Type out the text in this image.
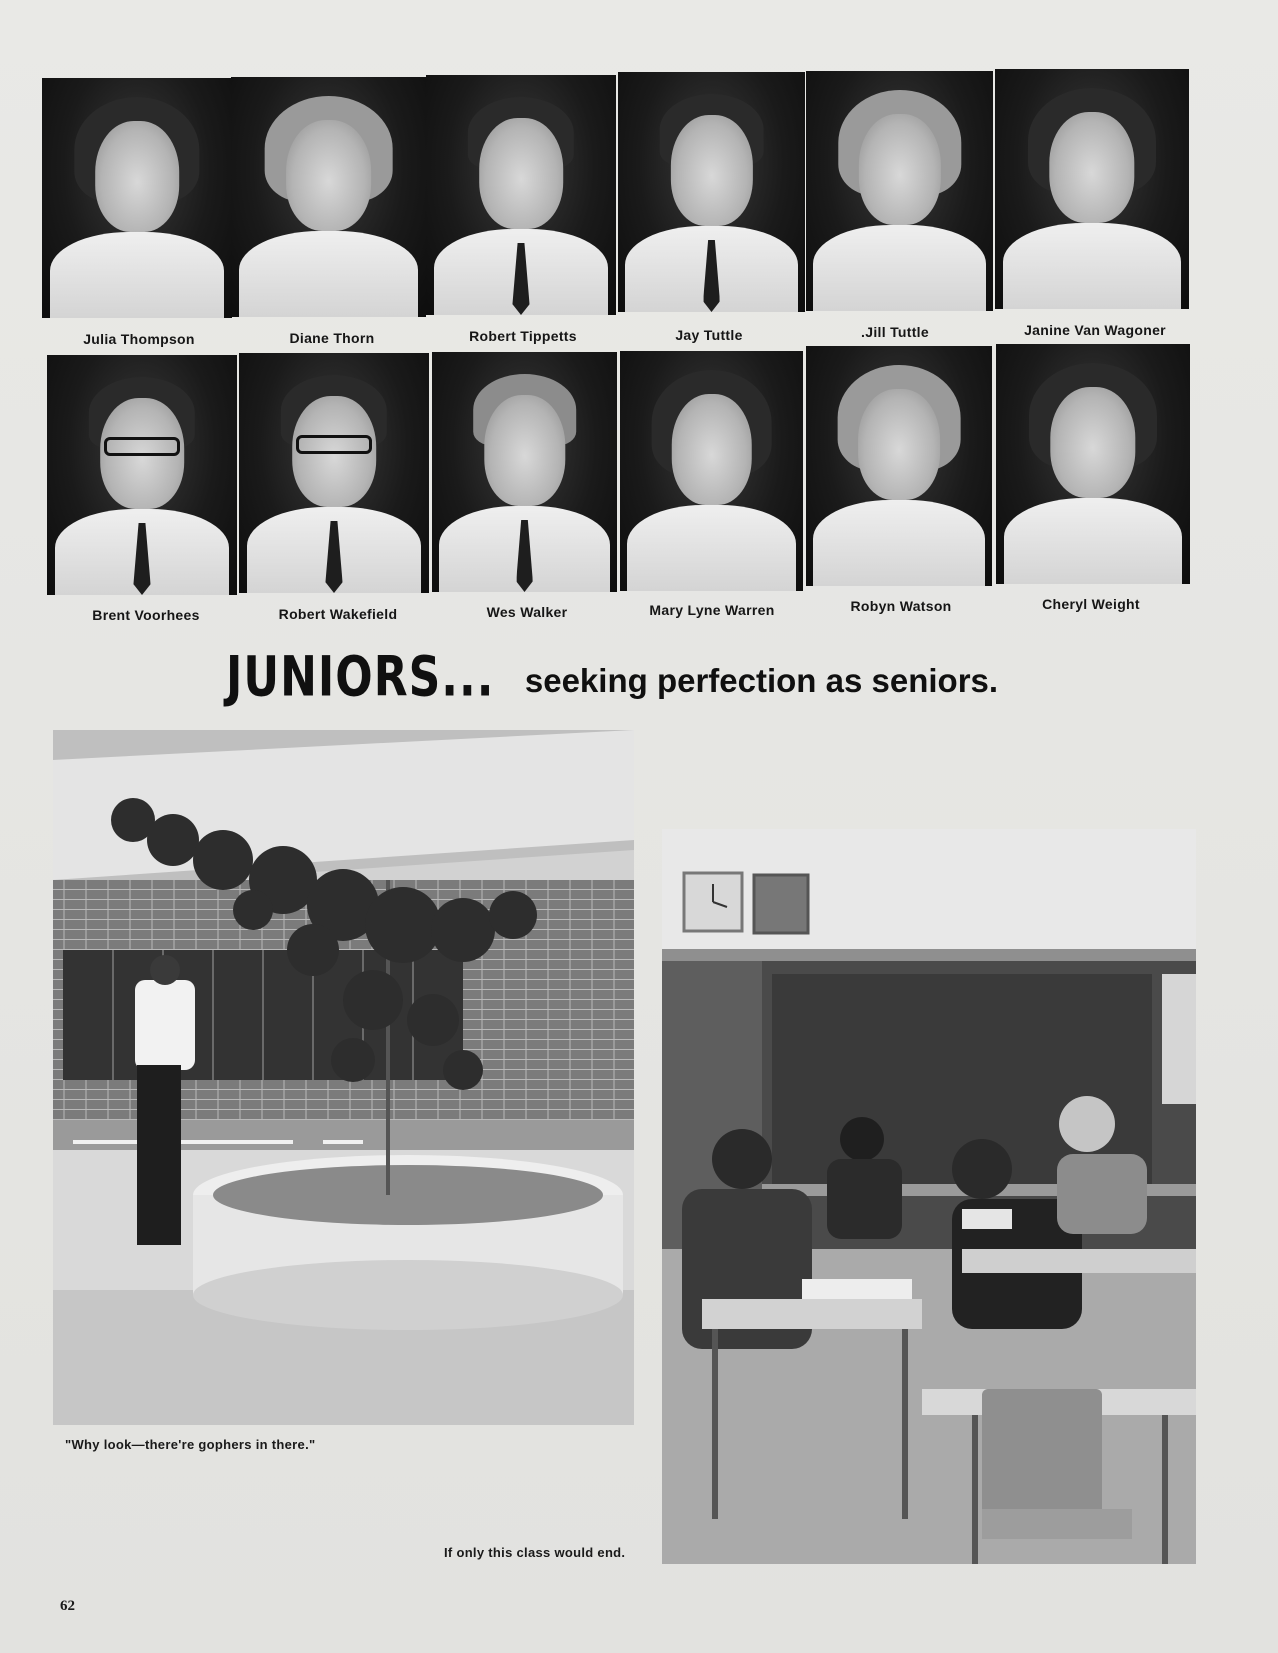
Julia Thompson	Diane Thorn	Robert Tippetts	Jay Tuttle	.Jill Tuttle	Janine Van Wagoner
Brent Voorhees	Robert Wakefield	Wes Walker	Mary Lyne Warren	Robyn Watson	Cheryl Weight
JUNIORS... seeking perfection as seniors.
"Why look—there're gophers in there."
If only this class would end.
62
